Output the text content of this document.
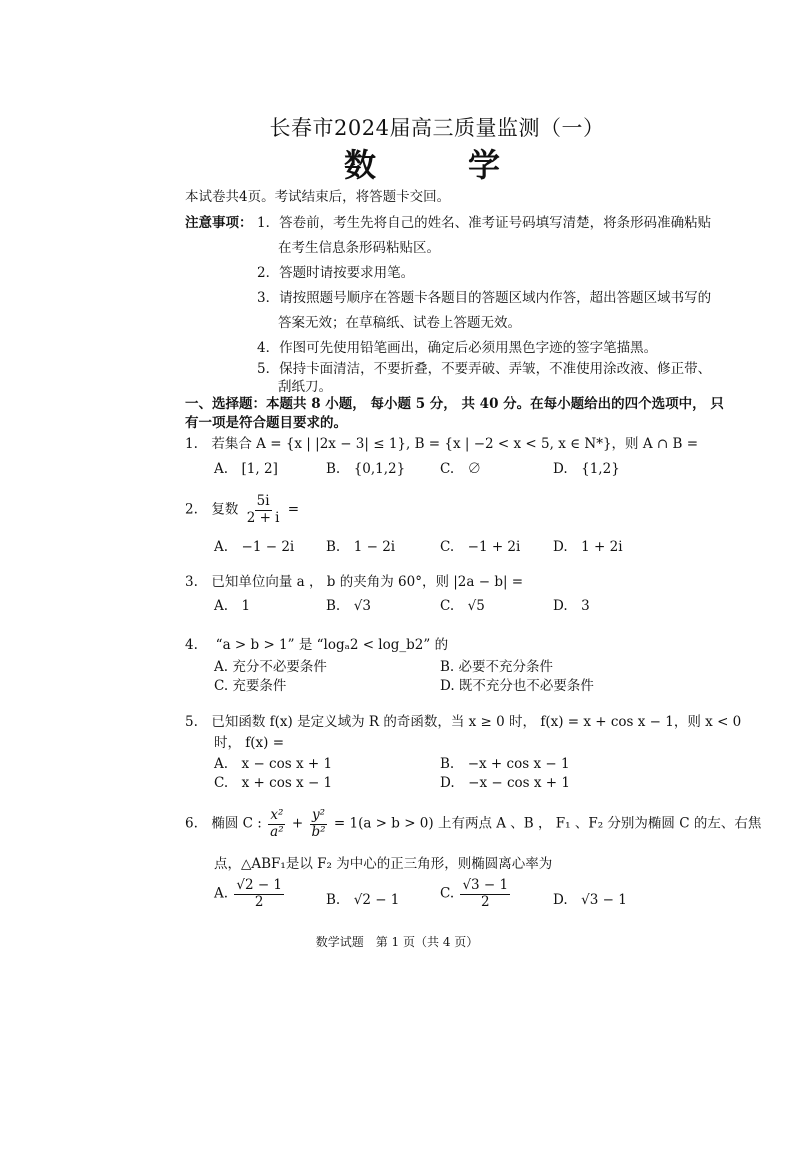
长春市2024届高三质量监测（一）
数　学
本试卷共4页。考试结束后，将答题卡交回。
注意事项： 1．答卷前，考生先将自己的姓名、准考证号码填写清楚，将条形码准确粘贴
在考生信息条形码粘贴区。
2．答题时请按要求用笔。
3．请按照题号顺序在答题卡各题目的答题区域内作答，超出答题区域书写的
答案无效；在草稿纸、试卷上答题无效。
4．作图可先使用铅笔画出，确定后必须用黑色字迹的签字笔描黑。
5．保持卡面清洁，不要折叠，不要弄破、弄皱，不准使用涂改液、修正带、
刮纸刀。
一、选择题：本题共 8 小题， 每小题 5 分， 共 40 分。在每小题给出的四个选项中， 只
有一项是符合题目要求的。
1.　若集合 A = {x | |2x − 3| ≤ 1}, B = {x | −2 < x < 5, x ∈ N*}，则 A ∩ B =
A.　[1, 2]	B.　{0,1,2}	C.　∅	D.　{1,2}
2.　复数 $\frac{5i}{2 + i}$ =
A.　−1 − 2i B.　1 − 2i	C.　−1 + 2i D.　1 + 2i
3.　已知单位向量 a ， b 的夹角为 60°，则 |2a − b| =
A.　1	B.　√3	C.　√5	D.　3
4.　 “a > b > 1” 是 “logₐ2 < log_b2” 的
A. 充分不必要条件	B. 必要不充分条件
C. 充要条件	D. 既不充分也不必要条件
5.　已知函数 f(x) 是定义域为 R 的奇函数，当 x ≥ 0 时， f(x) = x + cos x − 1，则 x < 0
时， f(x) =
A.　x − cos x + 1	B.　−x + cos x − 1
C.　x + cos x − 1	D.　−x − cos x + 1
6.　椭圆 C : $\frac{\text{x²}}{\text{a²}} + \frac{\text{y²}}{\text{b²}} = 1(a > b > 0)$ 上有两点 A 、B ， F₁ 、F₂ 分别为椭圆 C 的左、右焦
点，△ABF₁是以 F₂ 为中心的正三角形，则椭圆离心率为
A. $\frac{√2 - 1}{2}$	B.　√2 − 1	C. $\frac{√3 - 1}{2}$	D.　√3 − 1
数学试题　第 1 页（共 4 页）
